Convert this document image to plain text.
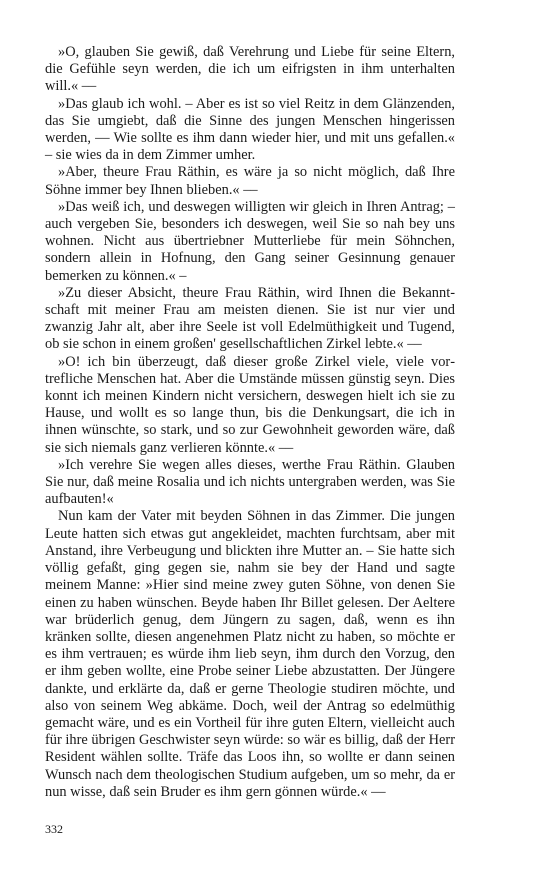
»O, glauben Sie gewiß, daß Verehrung und Liebe für seine Eltern, die Gefühle seyn werden, die ich um eifrigsten in ihm unterhalten will.« ––

»Das glaub ich wohl. – Aber es ist so viel Reitz in dem Glänzenden, das Sie umgiebt, daß die Sinne des jungen Menschen hingerissen werden, –– Wie sollte es ihm dann wieder hier, und mit uns gefallen.« – sie wies da in dem Zimmer umher.

»Aber, theure Frau Räthin, es wäre ja so nicht möglich, daß Ihre Söhne immer bey Ihnen blieben.« ––

»Das weiß ich, und deswegen willigten wir gleich in Ihren Antrag; – auch vergeben Sie, besonders ich deswegen, weil Sie so nah bey uns wohnen. Nicht aus übertriebner Mutterliebe für mein Söhnchen, sondern allein in Hofnung, den Gang seiner Gesinnung genauer bemerken zu können.« –

»Zu dieser Absicht, theure Frau Räthin, wird Ihnen die Bekanntschaft mit meiner Frau am meisten dienen. Sie ist nur vier und zwanzig Jahr alt, aber ihre Seele ist voll Edelmüthigkeit und Tugend, ob sie schon in einem großen' gesellschaftlichen Zirkel lebte.« ––

»O! ich bin überzeugt, daß dieser große Zirkel viele, viele vortrefliche Menschen hat. Aber die Umstände müssen günstig seyn. Dies konnt ich meinen Kindern nicht versichern, deswegen hielt ich sie zu Hause, und wollt es so lange thun, bis die Denkungsart, die ich in ihnen wünschte, so stark, und so zur Gewohnheit geworden wäre, daß sie sich niemals ganz verlieren könnte.« ––

»Ich verehre Sie wegen alles dieses, werthe Frau Räthin. Glauben Sie nur, daß meine Rosalia und ich nichts untergraben werden, was Sie aufbauten!«

Nun kam der Vater mit beyden Söhnen in das Zimmer. Die jungen Leute hatten sich etwas gut angekleidet, machten furchtsam, aber mit Anstand, ihre Verbeugung und blickten ihre Mutter an. – Sie hatte sich völlig gefaßt, ging gegen sie, nahm sie bey der Hand und sagte meinem Manne: »Hier sind meine zwey guten Söhne, von denen Sie einen zu haben wünschen. Beyde haben Ihr Billet gelesen. Der Aeltere war brüderlich genug, dem Jüngern zu sagen, daß, wenn es ihn kränken sollte, diesen angenehmen Platz nicht zu haben, so möchte er es ihm vertrauen; es würde ihm lieb seyn, ihm durch den Vorzug, den er ihm geben wollte, eine Probe seiner Liebe abzustatten. Der Jüngere dankte, und erklärte da, daß er gerne Theologie studiren möchte, und also von seinem Weg abkäme. Doch, weil der Antrag so edelmüthig gemacht wäre, und es ein Vortheil für ihre guten Eltern, vielleicht auch für ihre übrigen Geschwister seyn würde: so wär es billig, daß der Herr Resident wählen sollte. Träfe das Loos ihn, so wollte er dann seinen Wunsch nach dem theologischen Studium aufgeben, um so mehr, da er nun wisse, daß sein Bruder es ihm gern gönnen würde.« ––

332
